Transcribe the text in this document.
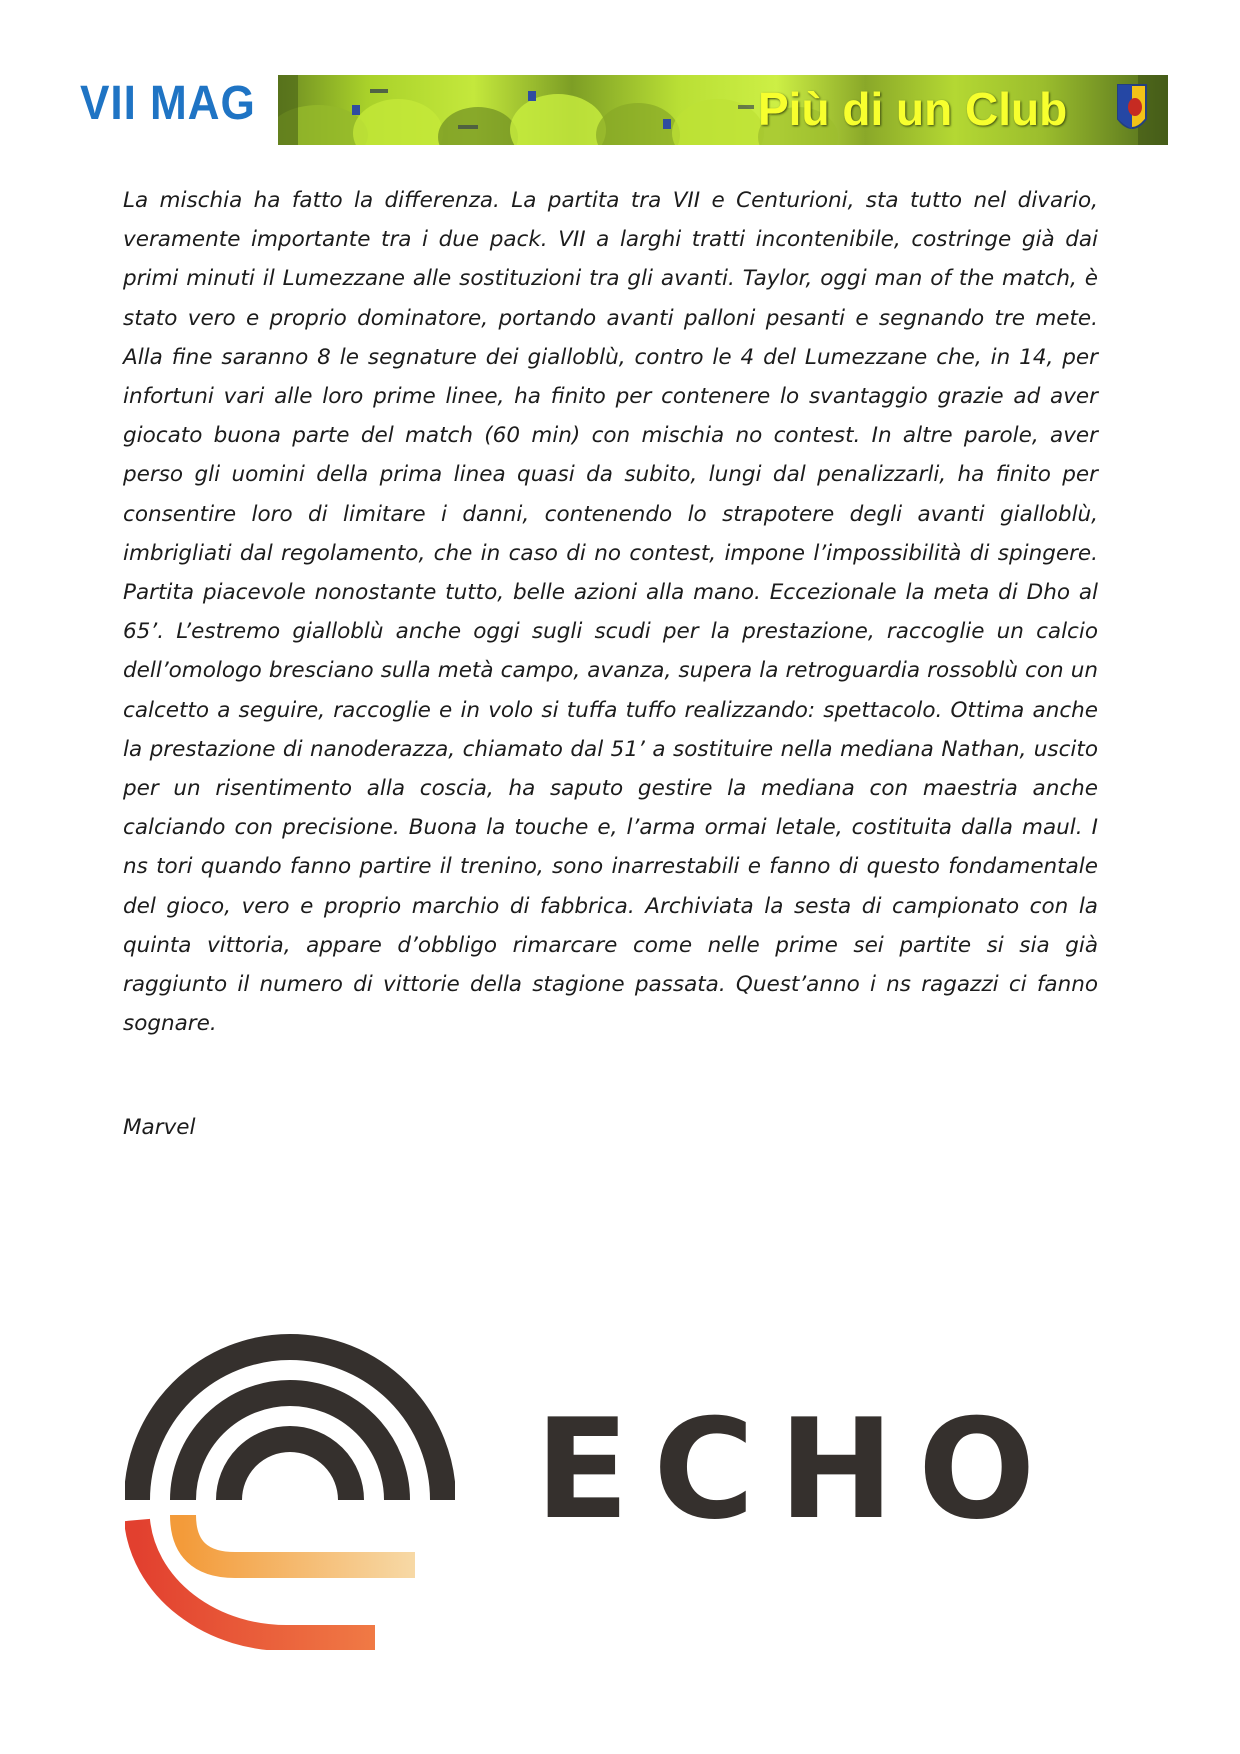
VII MAG	Più di un Club

La mischia ha fatto la differenza. La partita tra VII e Centurioni, sta tutto nel divario, veramente importante tra i due pack. VII a larghi tratti incontenibile, costringe già dai primi minuti il Lumezzane alle sostituzioni tra gli avanti. Taylor, oggi man of the match, è stato vero e proprio dominatore, portando avanti palloni pesanti e segnando tre mete. Alla fine saranno 8 le segnature dei gialloblù, contro le 4 del Lumezzane che, in 14, per infortuni vari alle loro prime linee, ha finito per contenere lo svantaggio grazie ad aver giocato buona parte del match (60 min) con mischia no contest. In altre parole, aver perso gli uomini della prima linea quasi da subito, lungi dal penalizzarli, ha finito per consentire loro di limitare i danni, contenendo lo strapotere degli avanti gialloblù, imbrigliati dal regolamento, che in caso di no contest, impone l’impossibilità di spingere. Partita piacevole nonostante tutto, belle azioni alla mano. Eccezionale la meta di Dho al 65’. L’estremo gialloblù anche oggi sugli scudi per la prestazione, raccoglie un calcio dell’omologo bresciano sulla metà campo, avanza, supera la retroguardia rossoblù con un calcetto a seguire, raccoglie e in volo si tuffa tuffo realizzando: spettacolo. Ottima anche la prestazione di nanoderazza, chiamato dal 51’ a sostituire nella mediana Nathan, uscito per un risentimento alla coscia, ha saputo gestire la mediana con maestria anche calciando con precisione. Buona la touche e, l’arma ormai letale, costituita dalla maul. I ns tori quando fanno partire il trenino, sono inarrestabili e fanno di questo fondamentale del gioco, vero e proprio marchio di fabbrica. Archiviata la sesta di campionato con la quinta vittoria, appare d’obbligo rimarcare come nelle prime sei partite si sia già raggiunto il numero di vittorie della stagione passata. Quest’anno i ns ragazzi ci fanno sognare.

Marvel

ECHO
